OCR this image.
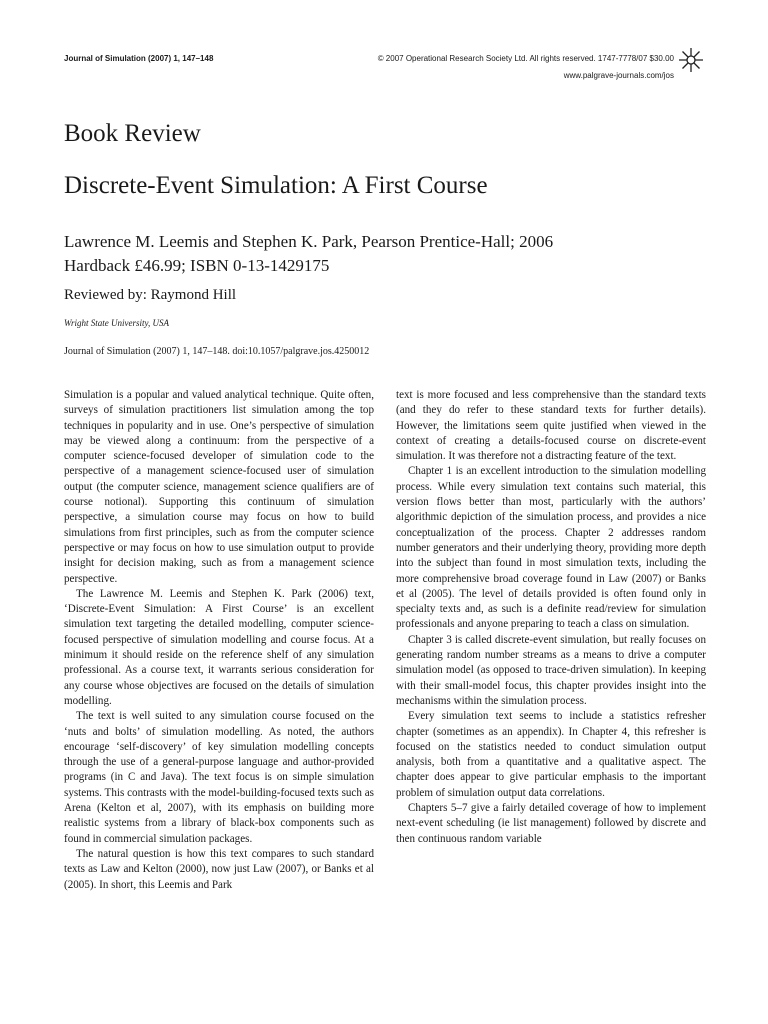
Journal of Simulation (2007) 1, 147–148	© 2007 Operational Research Society Ltd. All rights reserved. 1747-7778/07 $30.00
www.palgrave-journals.com/jos
Book Review
Discrete-Event Simulation: A First Course
Lawrence M. Leemis and Stephen K. Park, Pearson Prentice-Hall; 2006
Hardback £46.99; ISBN 0-13-1429175
Reviewed by: Raymond Hill
Wright State University, USA
Journal of Simulation (2007) 1, 147–148. doi:10.1057/palgrave.jos.4250012

Simulation is a popular and valued analytical technique. Quite often, surveys of simulation practitioners list simulation among the top techniques in popularity and in use. One’s perspective of simulation may be viewed along a continuum: from the perspective of a computer science-focused developer of simulation code to the perspective of a management science-focused user of simulation output (the computer science, management science qualifiers are of course notional). Supporting this continuum of simulation perspective, a simulation course may focus on how to build simulations from first principles, such as from the computer science perspective or may focus on how to use simulation output to provide insight for decision making, such as from a management science perspective.

The Lawrence M. Leemis and Stephen K. Park (2006) text, ‘Discrete-Event Simulation: A First Course’ is an excellent simulation text targeting the detailed modelling, computer science-focused perspective of simulation modelling and course focus. At a minimum it should reside on the reference shelf of any simulation professional. As a course text, it warrants serious consideration for any course whose objectives are focused on the details of simulation modelling.

The text is well suited to any simulation course focused on the ‘nuts and bolts’ of simulation modelling. As noted, the authors encourage ‘self-discovery’ of key simulation modelling concepts through the use of a general-purpose language and author-provided programs (in C and Java). The text focus is on simple simulation systems. This contrasts with the model-building-focused texts such as Arena (Kelton et al, 2007), with its emphasis on building more realistic systems from a library of black-box components such as found in commercial simulation packages.

The natural question is how this text compares to such standard texts as Law and Kelton (2000), now just Law (2007), or Banks et al (2005). In short, this Leemis and Park

text is more focused and less comprehensive than the standard texts (and they do refer to these standard texts for further details). However, the limitations seem quite justified when viewed in the context of creating a details-focused course on discrete-event simulation. It was therefore not a distracting feature of the text.

Chapter 1 is an excellent introduction to the simulation modelling process. While every simulation text contains such material, this version flows better than most, particularly with the authors’ algorithmic depiction of the simulation process, and provides a nice conceptualization of the process. Chapter 2 addresses random number generators and their underlying theory, providing more depth into the subject than found in most simulation texts, including the more comprehensive broad coverage found in Law (2007) or Banks et al (2005). The level of details provided is often found only in specialty texts and, as such is a definite read/review for simulation professionals and anyone preparing to teach a class on simulation.

Chapter 3 is called discrete-event simulation, but really focuses on generating random number streams as a means to drive a computer simulation model (as opposed to trace-driven simulation). In keeping with their small-model focus, this chapter provides insight into the mechanisms within the simulation process.

Every simulation text seems to include a statistics refresher chapter (sometimes as an appendix). In Chapter 4, this refresher is focused on the statistics needed to conduct simulation output analysis, both from a quantitative and a qualitative aspect. The chapter does appear to give particular emphasis to the important problem of simulation output data correlations.

Chapters 5–7 give a fairly detailed coverage of how to implement next-event scheduling (ie list management) followed by discrete and then continuous random variable
